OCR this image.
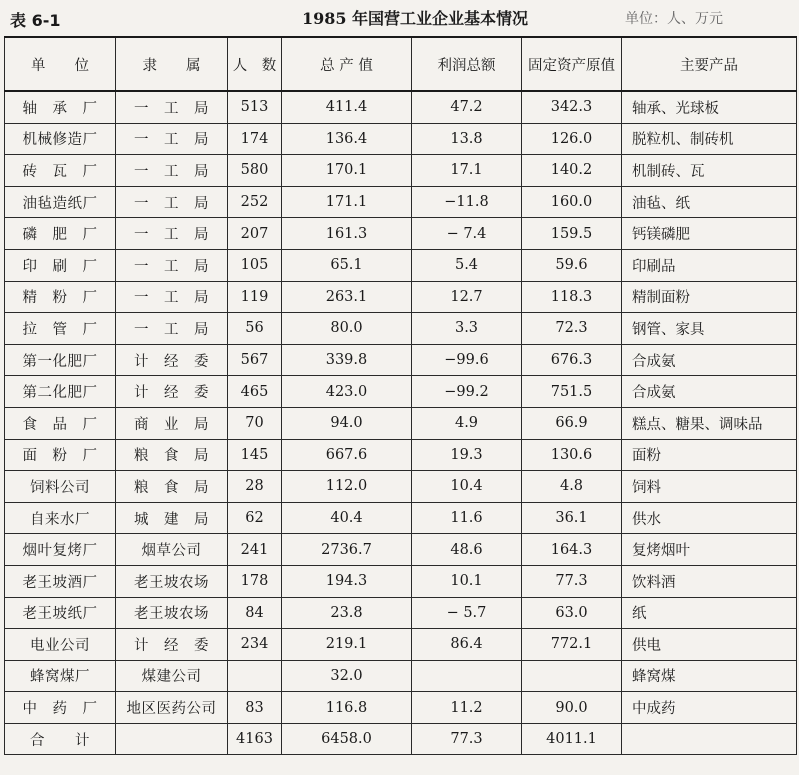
表 6-1	1985 年国营工业企业基本情况	单位：人、万元
单　　位	隶　　属	人　数	总 产 值	利润总额	固定资产原值	主要产品
轴　承　厂	一　工　局	513	411.4	47.2	342.3	轴承、光球板
机械修造厂	一　工　局	174	136.4	13.8	126.0	脱粒机、制砖机
砖　瓦　厂	一　工　局	580	170.1	17.1	140.2	机制砖、瓦
油毡造纸厂	一　工　局	252	171.1	−11.8	160.0	油毡、纸
磷　肥　厂	一　工　局	207	161.3	− 7.4	159.5	钙镁磷肥
印　刷　厂	一　工　局	105	65.1	5.4	59.6	印刷品
精　粉　厂	一　工　局	119	263.1	12.7	118.3	精制面粉
拉　管　厂	一　工　局	56	80.0	3.3	72.3	钢管、家具
第一化肥厂	计　经　委	567	339.8	−99.6	676.3	合成氨
第二化肥厂	计　经　委	465	423.0	−99.2	751.5	合成氨
食　品　厂	商　业　局	70	94.0	4.9	66.9	糕点、糖果、调味品
面　粉　厂	粮　食　局	145	667.6	19.3	130.6	面粉
饲料公司	粮　食　局	28	112.0	10.4	4.8	饲料
自来水厂	城　建　局	62	40.4	11.6	36.1	供水
烟叶复烤厂	烟草公司	241	2736.7	48.6	164.3	复烤烟叶
老王坡酒厂	老王坡农场	178	194.3	10.1	77.3	饮料酒
老王坡纸厂	老王坡农场	84	23.8	− 5.7	63.0	纸
电业公司	计　经　委	234	219.1	86.4	772.1	供电
蜂窝煤厂	煤建公司		32.0			蜂窝煤
中　药　厂	地区医药公司	83	116.8	11.2	90.0	中成药
合　　计		4163	6458.0	77.3	4011.1	
